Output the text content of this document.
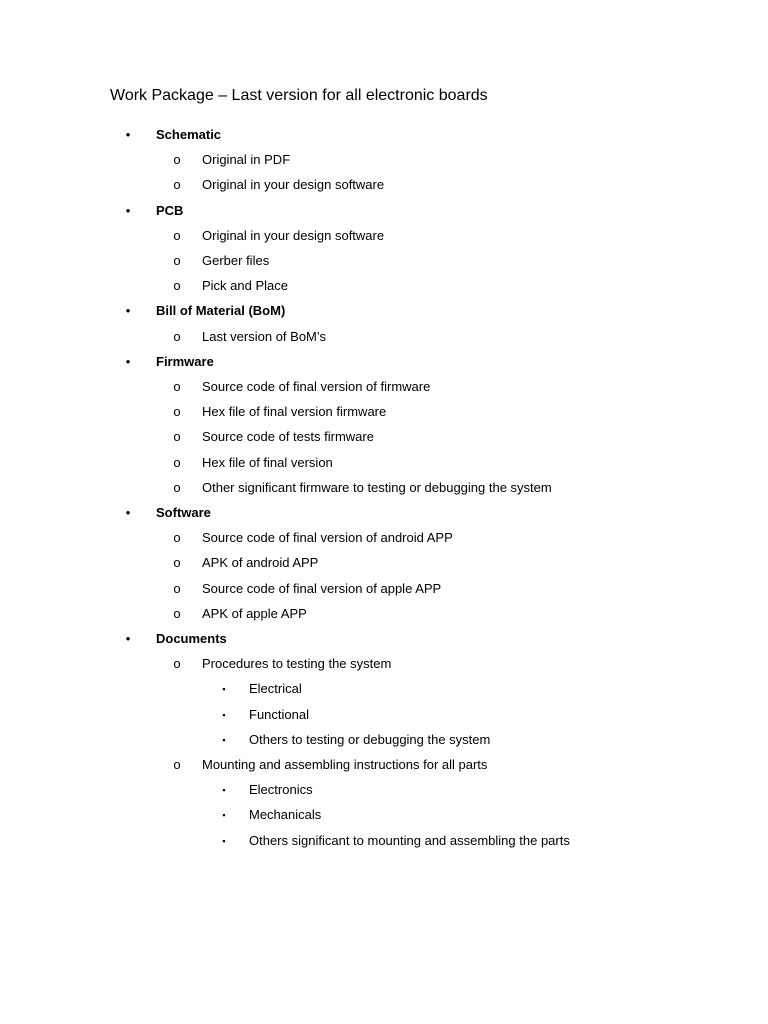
Work Package – Last version for all electronic boards
• Schematic
o Original in PDF
o Original in your design software
• PCB
o Original in your design software
o Gerber files
o Pick and Place
• Bill of Material (BoM)
o Last version of BoM’s
• Firmware
o Source code of final version of firmware
o Hex file of final version firmware
o Source code of tests firmware
o Hex file of final version
o Other significant firmware to testing or debugging the system
• Software
o Source code of final version of android APP
o APK of android APP
o Source code of final version of apple APP
o APK of apple APP
• Documents
o Procedures to testing the system
▪	Electrical
▪	Functional
▪	Others to testing or debugging the system
o Mounting and assembling instructions for all parts
▪	Electronics
▪	Mechanicals
▪	Others significant to mounting and assembling the parts
